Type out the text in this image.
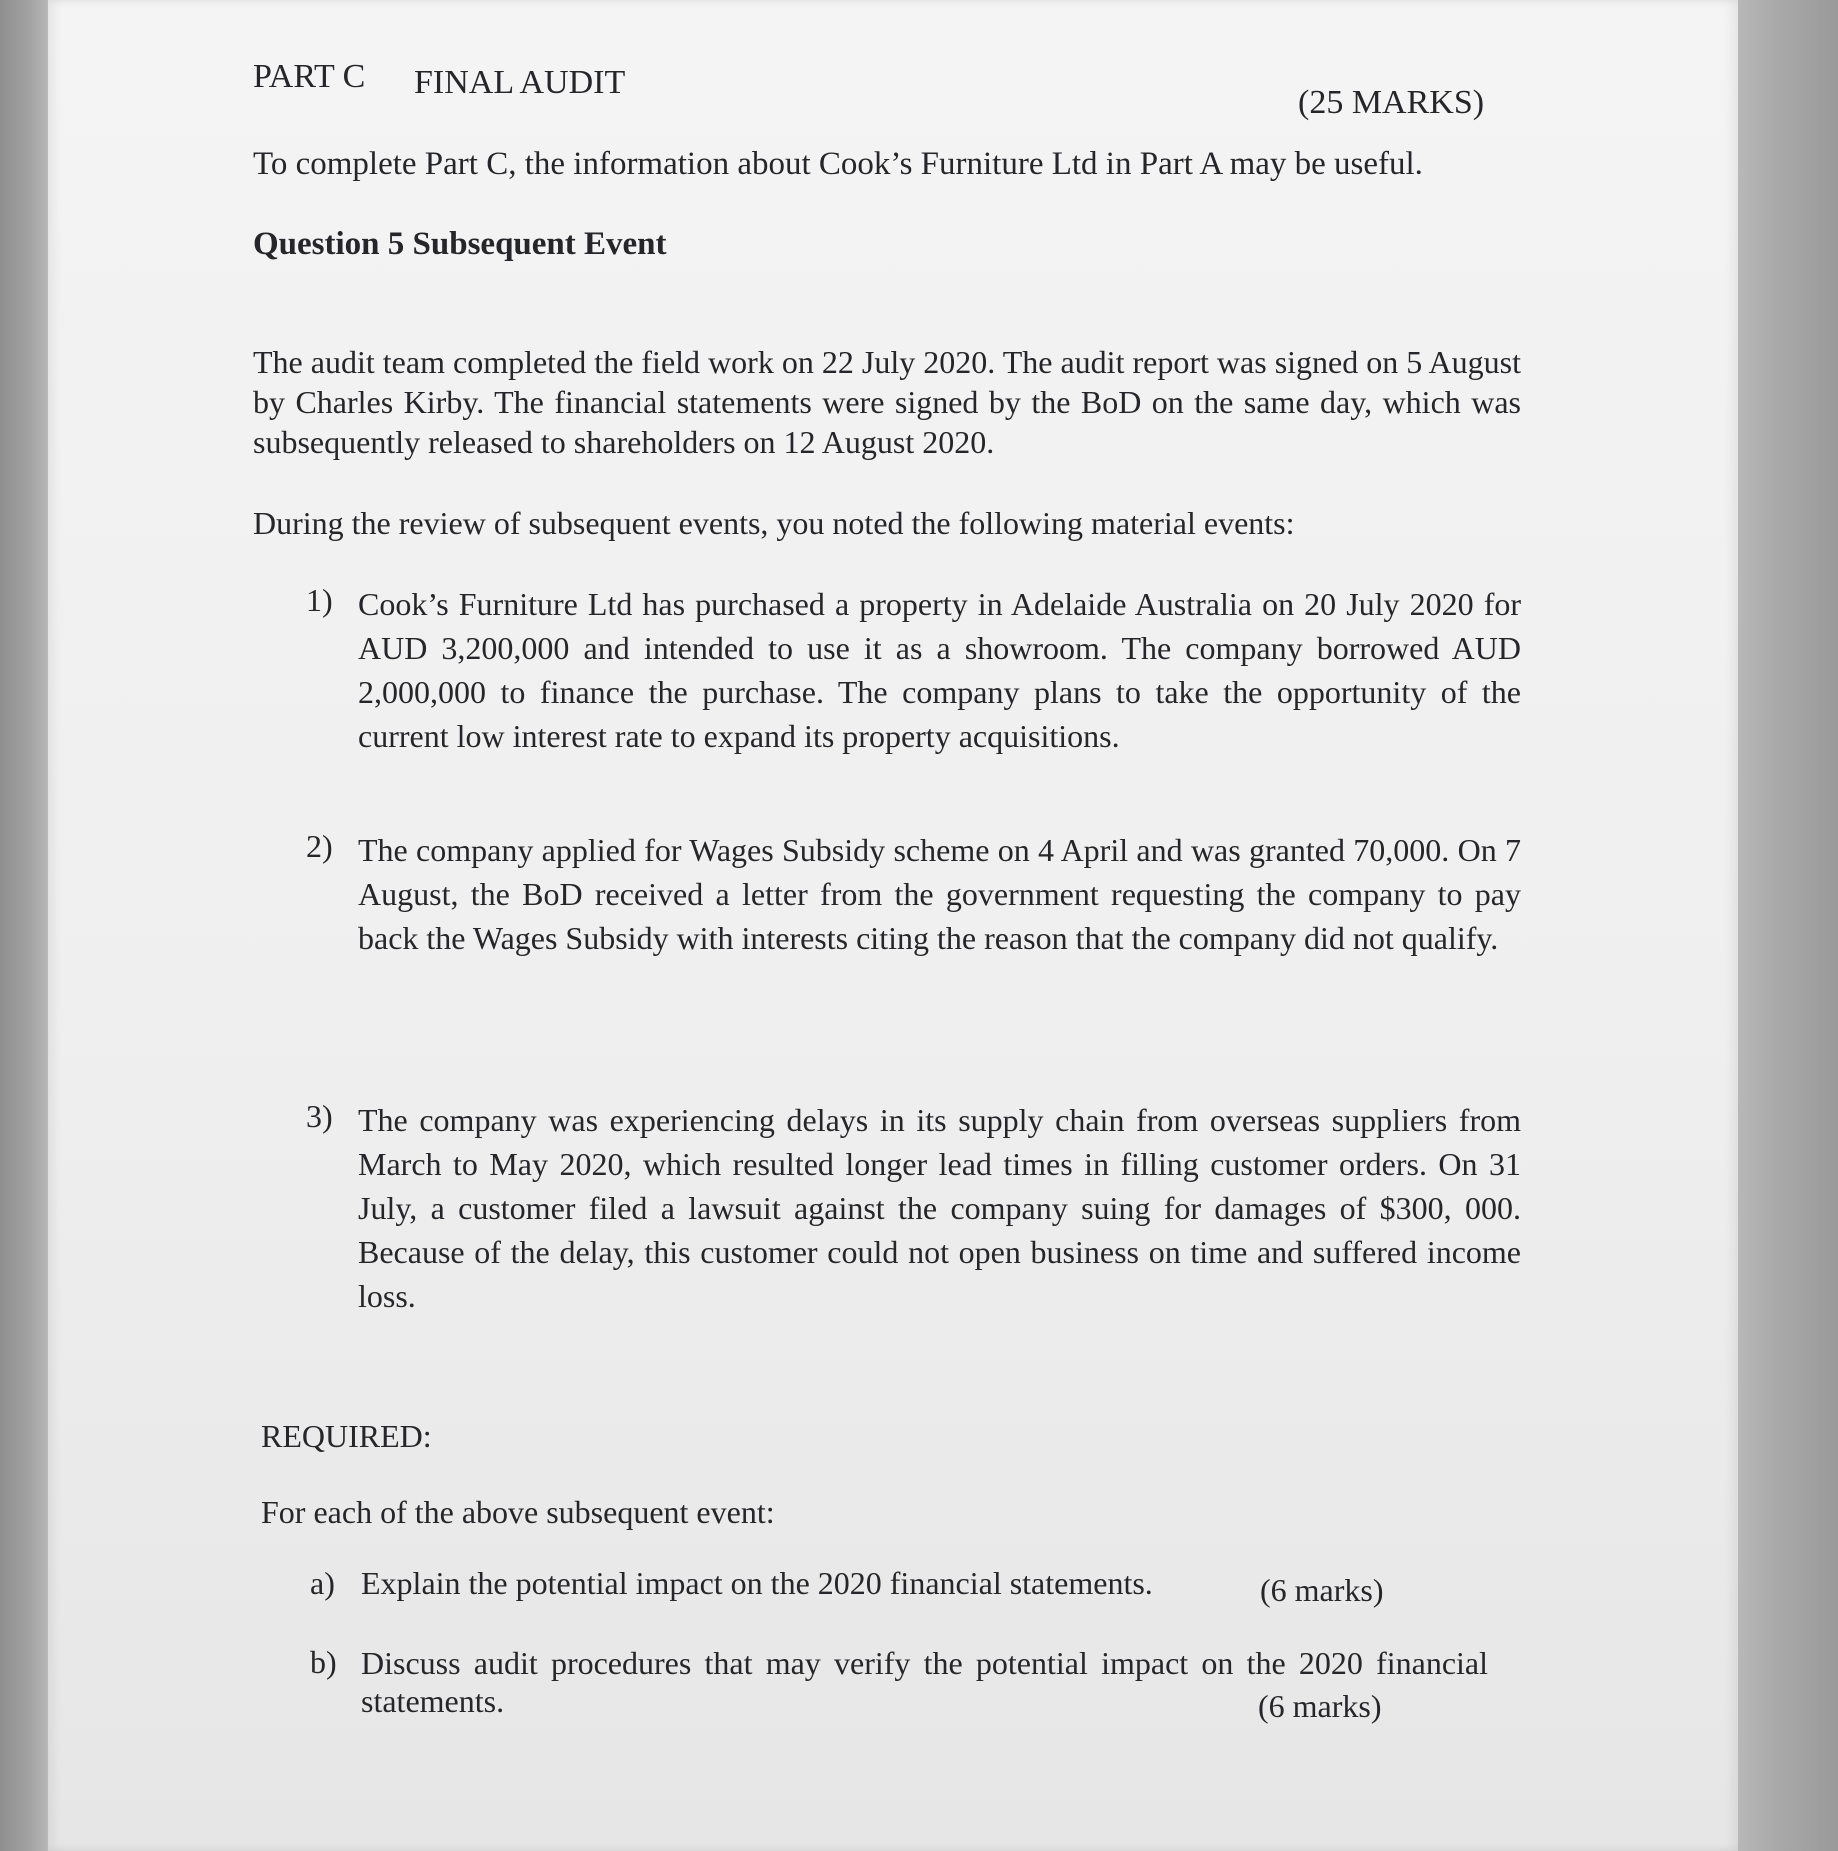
PART C FINAL AUDIT
(25 MARKS)
To complete Part C, the information about Cook’s Furniture Ltd in Part A may be useful.
Question 5 Subsequent Event
The audit team completed the field work on 22 July 2020. The audit report was signed on 5 August by Charles Kirby. The financial statements were signed by the BoD on the same day, which was subsequently released to shareholders on 12 August 2020.
During the review of subsequent events, you noted the following material events:
1) Cook’s Furniture Ltd has purchased a property in Adelaide Australia on 20 July 2020 for AUD 3,200,000 and intended to use it as a showroom. The company borrowed AUD 2,000,000 to finance the purchase. The company plans to take the opportunity of the current low interest rate to expand its property acquisitions.
2) The company applied for Wages Subsidy scheme on 4 April and was granted 70,000. On 7 August, the BoD received a letter from the government requesting the company to pay back the Wages Subsidy with interests citing the reason that the company did not qualify.
3) The company was experiencing delays in its supply chain from overseas suppliers from March to May 2020, which resulted longer lead times in filling customer orders. On 31 July, a customer filed a lawsuit against the company suing for damages of $300, 000. Because of the delay, this customer could not open business on time and suffered income loss.
REQUIRED:
For each of the above subsequent event:
a) Explain the potential impact on the 2020 financial statements.	(6 marks)
b) Discuss audit procedures that may verify the potential impact on the 2020 financial statements.	(6 marks)
